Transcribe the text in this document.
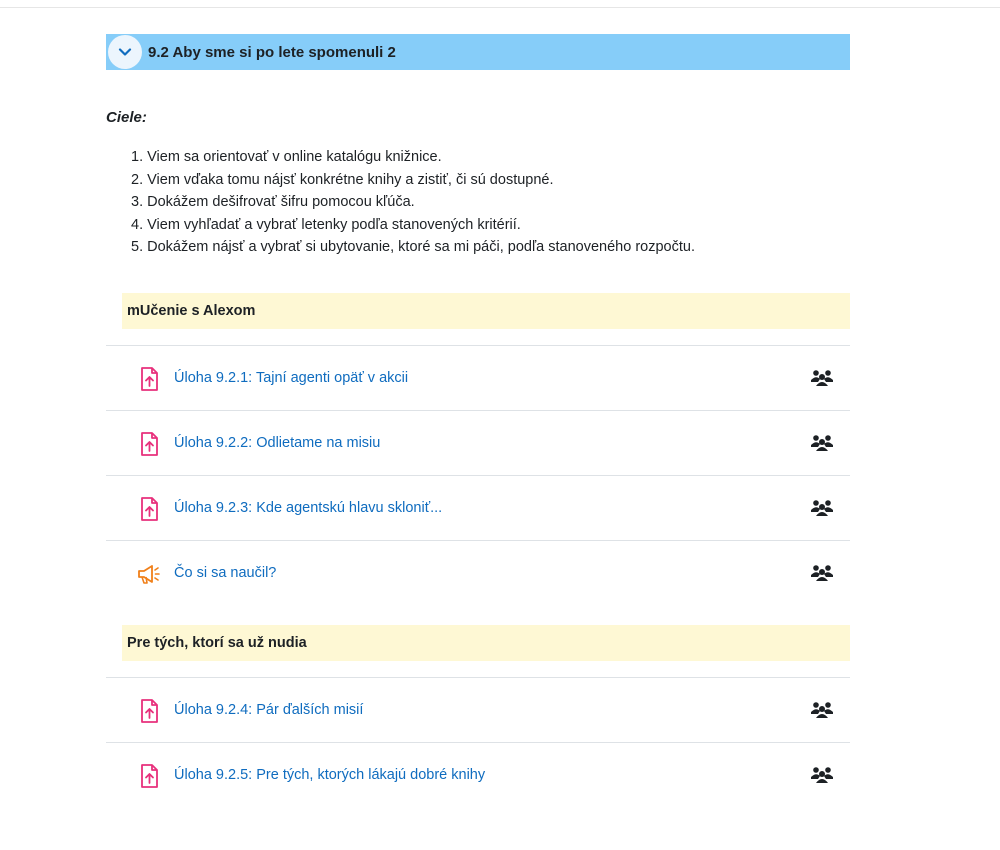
9.2 Aby sme si po lete spomenuli 2
Ciele:
1. Viem sa orientovať v online katalógu knižnice.
2. Viem vďaka tomu nájsť konkrétne knihy a zistiť, či sú dostupné.
3. Dokážem dešifrovať šifru pomocou kľúča.
4. Viem vyhľadať a vybrať letenky podľa stanovených kritérií.
5. Dokážem nájsť a vybrať si ubytovanie, ktoré sa mi páči, podľa stanoveného rozpočtu.
mUčenie s Alexom
Úloha 9.2.1: Tajní agenti opäť v akcii
Úloha 9.2.2: Odlietame na misiu
Úloha 9.2.3: Kde agentskú hlavu skloniť...
Čo si sa naučil?
Pre tých, ktorí sa už nudia
Úloha 9.2.4: Pár ďalších misií
Úloha 9.2.5: Pre tých, ktorých lákajú dobré knihy
